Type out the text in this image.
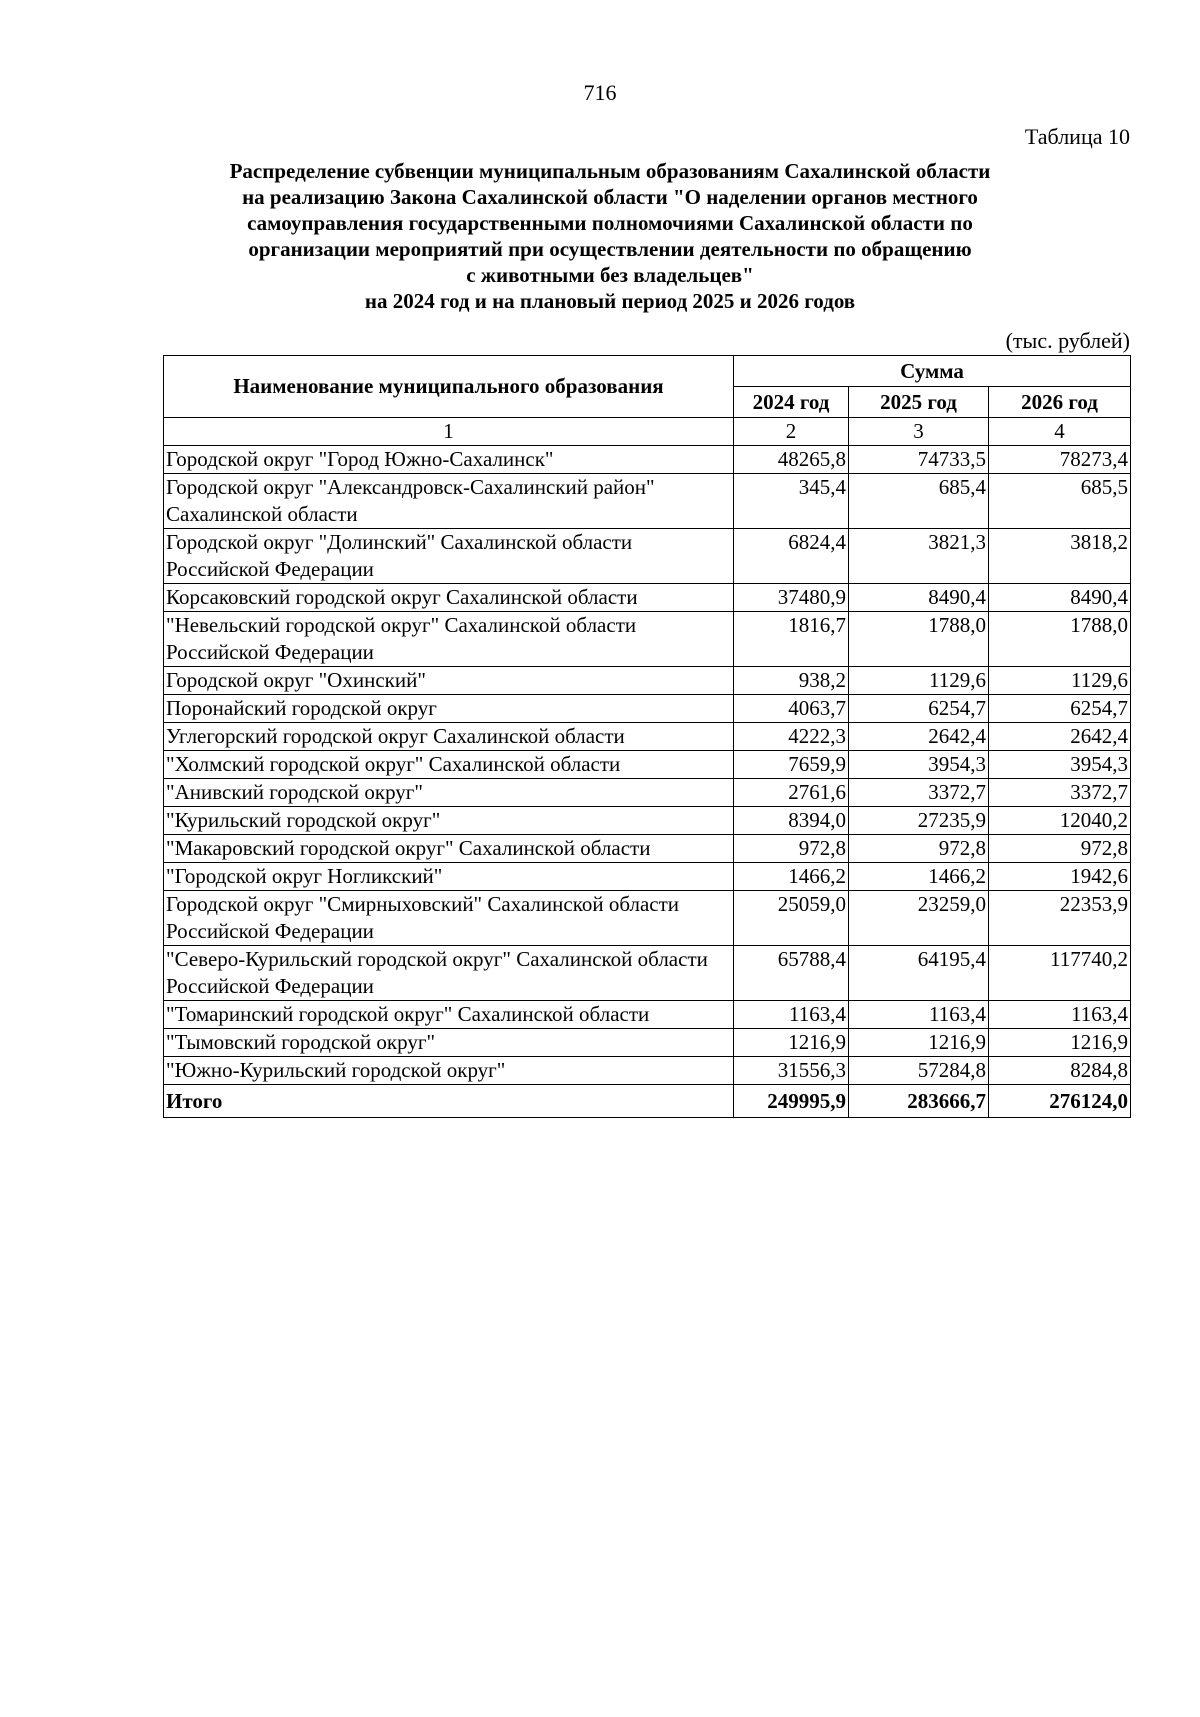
716
Таблица 10
Распределение субвенции муниципальным образованиям Сахалинской области
на реализацию Закона Сахалинской области "О наделении органов местного
самоуправления государственными полномочиями Сахалинской области по
организации мероприятий при осуществлении деятельности по обращению
с животными без владельцев"
на 2024 год и на плановый период 2025 и 2026 годов
(тыс. рублей)
Наименование муниципального образования	Сумма		
	2024 год	2025 год	2026 год
1	2	3	4
Городской округ "Город Южно-Сахалинск"	48265,8	74733,5	78273,4
Городской округ "Александровск-Сахалинский район" Сахалинской области	345,4	685,4	685,5
Городской округ "Долинский" Сахалинской области Российской Федерации	6824,4	3821,3	3818,2
Корсаковский городской округ Сахалинской области	37480,9	8490,4	8490,4
"Невельский городской округ" Сахалинской области Российской Федерации	1816,7	1788,0	1788,0
Городской округ "Охинский"	938,2	1129,6	1129,6
Поронайский городской округ	4063,7	6254,7	6254,7
Углегорский городской округ Сахалинской области	4222,3	2642,4	2642,4
"Холмский городской округ" Сахалинской области	7659,9	3954,3	3954,3
"Анивский городской округ"	2761,6	3372,7	3372,7
"Курильский городской округ"	8394,0	27235,9	12040,2
"Макаровский городской округ" Сахалинской области	972,8	972,8	972,8
"Городской округ Ногликский"	1466,2	1466,2	1942,6
Городской округ "Смирныховский" Сахалинской области Российской Федерации	25059,0	23259,0	22353,9
"Северо-Курильский городской округ" Сахалинской области Российской Федерации	65788,4	64195,4	117740,2
"Томаринский городской округ" Сахалинской области	1163,4	1163,4	1163,4
"Тымовский городской округ"	1216,9	1216,9	1216,9
"Южно-Курильский городской округ"	31556,3	57284,8	8284,8
Итого	249995,9	283666,7	276124,0
